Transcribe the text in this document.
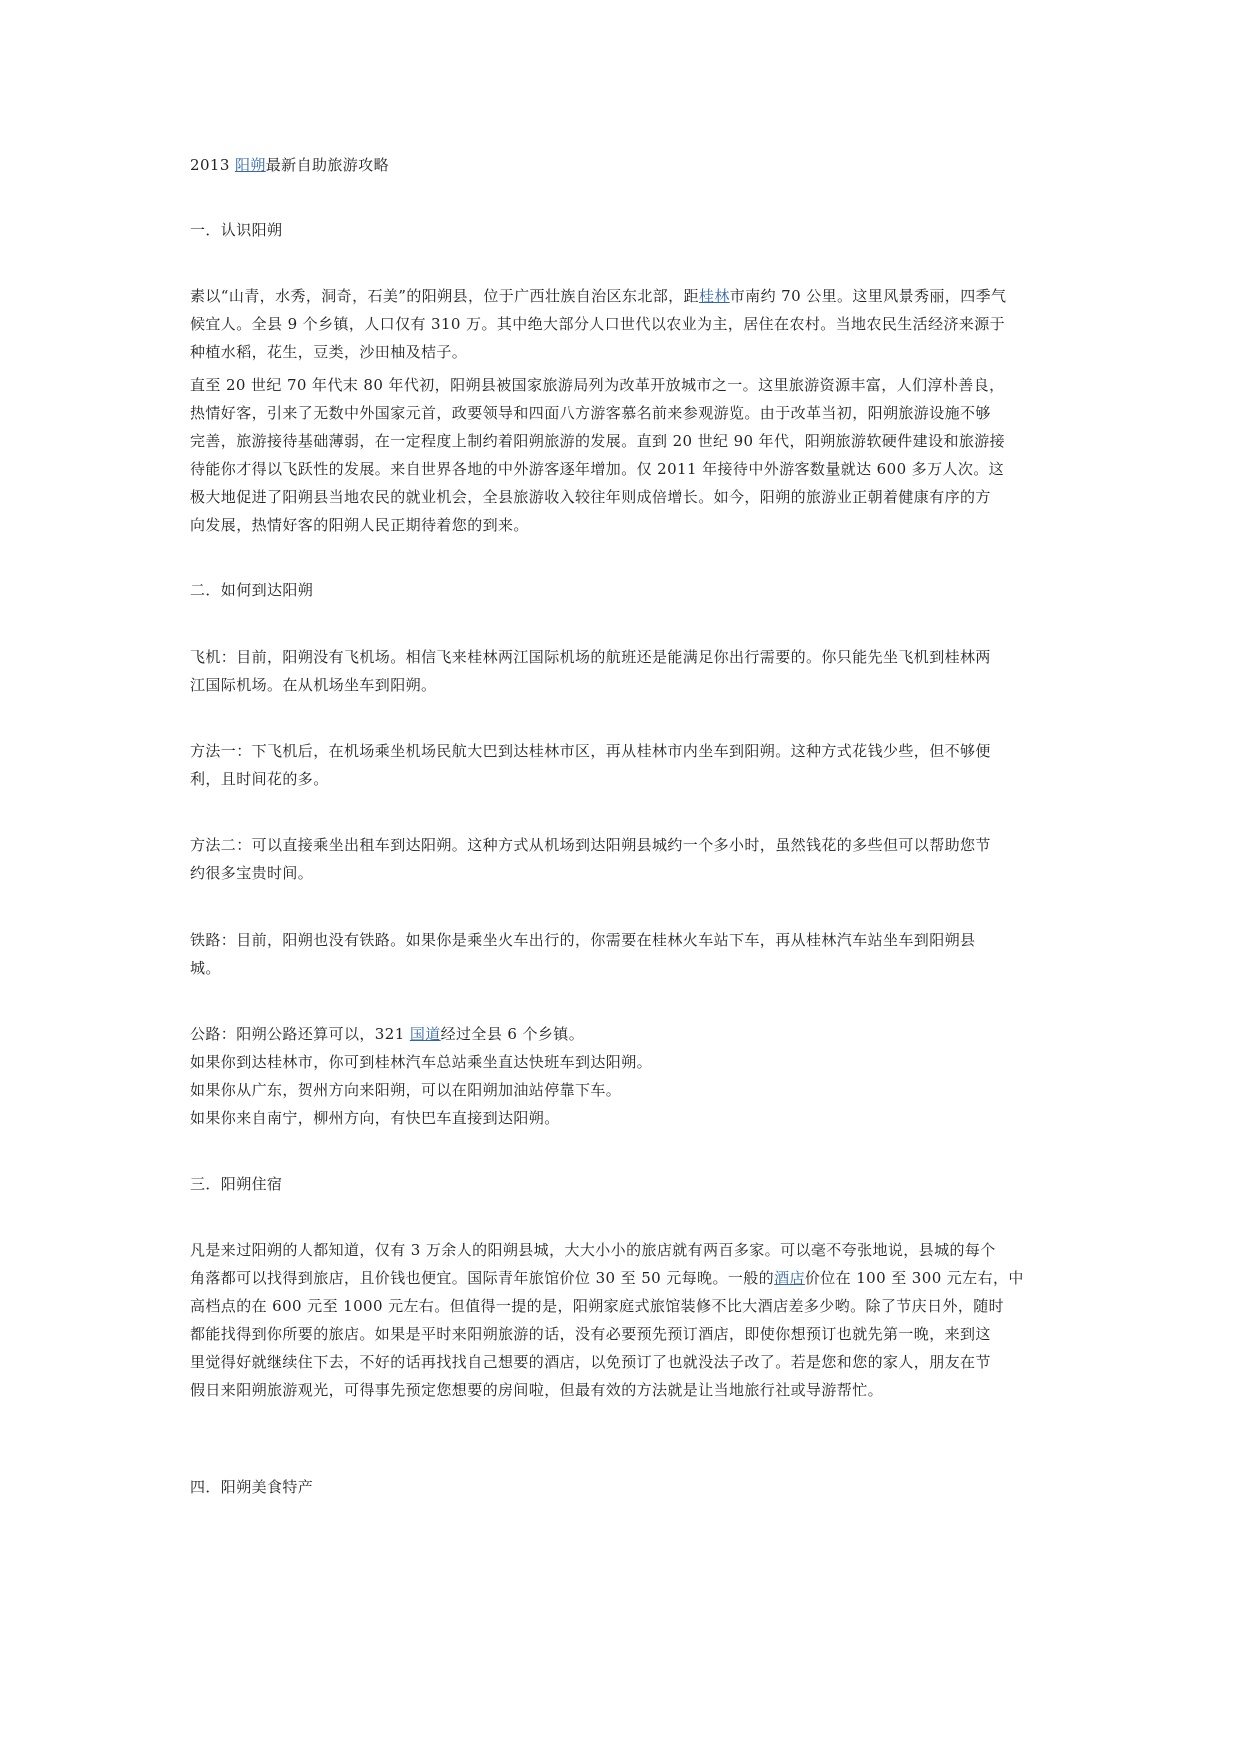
2013 阳朔最新自助旅游攻略

一．认识阳朔

素以“山青，水秀，洞奇，石美”的阳朔县，位于广西壮族自治区东北部，距桂林市南约 70 公里。这里风景秀丽，四季气

候宜人。全县 9 个乡镇，人口仅有 310 万。其中绝大部分人口世代以农业为主，居住在农村。当地农民生活经济来源于

种植水稻，花生，豆类，沙田柚及桔子。

直至 20 世纪 70 年代末 80 年代初，阳朔县被国家旅游局列为改革开放城市之一。这里旅游资源丰富，人们淳朴善良，

热情好客，引来了无数中外国家元首，政要领导和四面八方游客慕名前来参观游览。由于改革当初，阳朔旅游设施不够

完善，旅游接待基础薄弱，在一定程度上制约着阳朔旅游的发展。直到 20 世纪 90 年代，阳朔旅游软硬件建设和旅游接

待能你才得以飞跃性的发展。来自世界各地的中外游客逐年增加。仅 2011 年接待中外游客数量就达 600 多万人次。这

极大地促进了阳朔县当地农民的就业机会，全县旅游收入较往年则成倍增长。如今，阳朔的旅游业正朝着健康有序的方

向发展，热情好客的阳朔人民正期待着您的到来。

二．如何到达阳朔

飞机：目前，阳朔没有飞机场。相信飞来桂林两江国际机场的航班还是能满足你出行需要的。你只能先坐飞机到桂林两

江国际机场。在从机场坐车到阳朔。

方法一：下飞机后，在机场乘坐机场民航大巴到达桂林市区，再从桂林市内坐车到阳朔。这种方式花钱少些，但不够便

利，且时间花的多。

方法二：可以直接乘坐出租车到达阳朔。这种方式从机场到达阳朔县城约一个多小时，虽然钱花的多些但可以帮助您节

约很多宝贵时间。

铁路：目前，阳朔也没有铁路。如果你是乘坐火车出行的，你需要在桂林火车站下车，再从桂林汽车站坐车到阳朔县

城。

公路：阳朔公路还算可以，321 国道经过全县 6 个乡镇。

如果你到达桂林市，你可到桂林汽车总站乘坐直达快班车到达阳朔。

如果你从广东，贺州方向来阳朔，可以在阳朔加油站停靠下车。

如果你来自南宁，柳州方向，有快巴车直接到达阳朔。

三．阳朔住宿

凡是来过阳朔的人都知道，仅有 3 万余人的阳朔县城，大大小小的旅店就有两百多家。可以毫不夸张地说，县城的每个

角落都可以找得到旅店，且价钱也便宜。国际青年旅馆价位 30 至 50 元每晚。一般的酒店价位在 100 至 300 元左右，中

高档点的在 600 元至 1000 元左右。但值得一提的是，阳朔家庭式旅馆装修不比大酒店差多少哟。除了节庆日外，随时

都能找得到你所要的旅店。如果是平时来阳朔旅游的话，没有必要预先预订酒店，即使你想预订也就先第一晚，来到这

里觉得好就继续住下去，不好的话再找找自己想要的酒店，以免预订了也就没法子改了。若是您和您的家人，朋友在节

假日来阳朔旅游观光，可得事先预定您想要的房间啦，但最有效的方法就是让当地旅行社或导游帮忙。

四．阳朔美食特产
